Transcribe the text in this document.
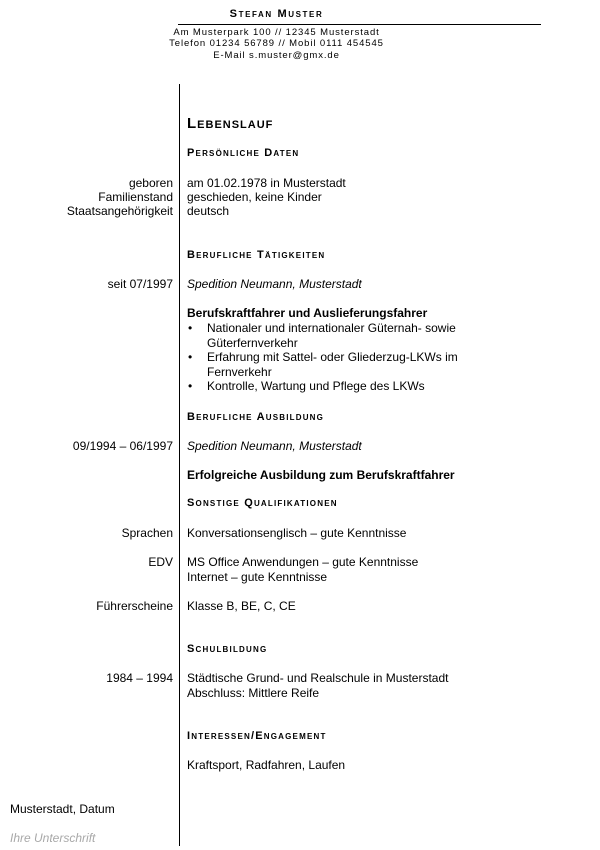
Stefan Muster
Am Musterpark 100 // 12345 Musterstadt
Telefon 01234 56789 // Mobil 0111 454545
E-Mail s.muster@gmx.de
Lebenslauf
Persönliche Daten
geboren am 01.02.1978 in Musterstadt
Familienstand geschieden, keine Kinder
Staatsangehörigkeit deutsch
Berufliche Tätigkeiten
seit 07/1997 Spedition Neumann, Musterstadt
Berufskraftfahrer und Auslieferungsfahrer
• Nationaler und internationaler Güternah- sowie
Güterfernverkehr
• Erfahrung mit Sattel- oder Gliederzug-LKWs im
Fernverkehr
• Kontrolle, Wartung und Pflege des LKWs
Berufliche Ausbildung
09/1994 – 06/1997 Spedition Neumann, Musterstadt
Erfolgreiche Ausbildung zum Berufskraftfahrer
Sonstige Qualifikationen
Sprachen Konversationsenglisch – gute Kenntnisse
EDV MS Office Anwendungen – gute Kenntnisse
Internet – gute Kenntnisse
Führerscheine Klasse B, BE, C, CE
Schulbildung
1984 – 1994 Städtische Grund- und Realschule in Musterstadt
Abschluss: Mittlere Reife
Interessen/Engagement
Kraftsport, Radfahren, Laufen
Musterstadt, Datum
Ihre Unterschrift
